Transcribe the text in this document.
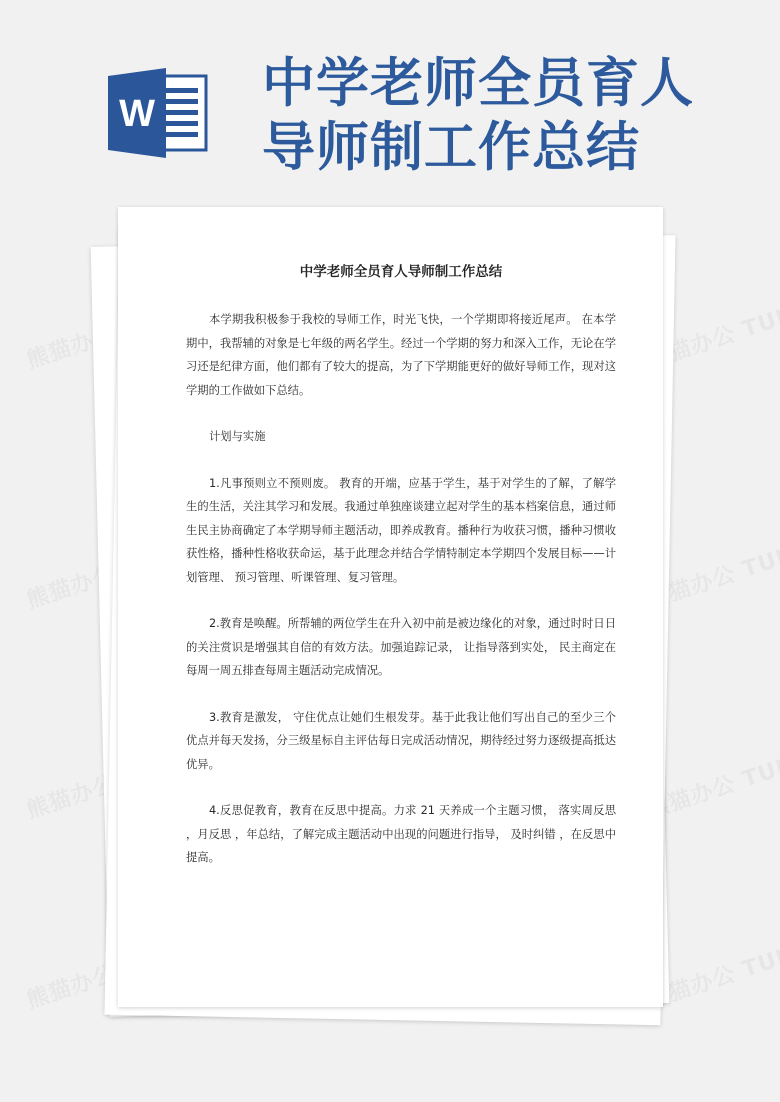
W 中学老师全员育人
导师制工作总结
中学老师全员育人导师制工作总结

本学期我积极参于我校的导师工作，时光飞快，一个学期即将接近尾声。 在本学期中，我帮辅的对象是七年级的两名学生。经过一个学期的努力和深入工作，无论在学习还是纪律方面，他们都有了较大的提高，为了下学期能更好的做好导师工作，现对这学期的工作做如下总结。

计划与实施

1.凡事预则立不预则废。 教育的开端，应基于学生，基于对学生的了解，了解学生的生活，关注其学习和发展。我通过单独座谈建立起对学生的基本档案信息，通过师生民主协商确定了本学期导师主题活动，即养成教育。播种行为收获习惯，播种习惯收获性格，播种性格收获命运，基于此理念并结合学情特制定本学期四个发展目标——计划管理、 预习管理、听课管理、复习管理。

2.教育是唤醒。所帮辅的两位学生在升入初中前是被边缘化的对象，通过时时日日的关注赏识是增强其自信的有效方法。加强追踪记录， 让指导落到实处， 民主商定在每周一周五排查每周主题活动完成情况。

3.教育是激发， 守住优点让她们生根发芽。基于此我让他们写出自己的至少三个优点并每天发扬，分三级星标自主评估每日完成活动情况，期待经过努力逐级提高抵达优异。

4.反思促教育，教育在反思中提高。力求 21 天养成一个主题习惯， 落实周反思 ，月反思 ，年总结，了解完成主题活动中出现的问题进行指导， 及时纠错 ，在反思中提高。
